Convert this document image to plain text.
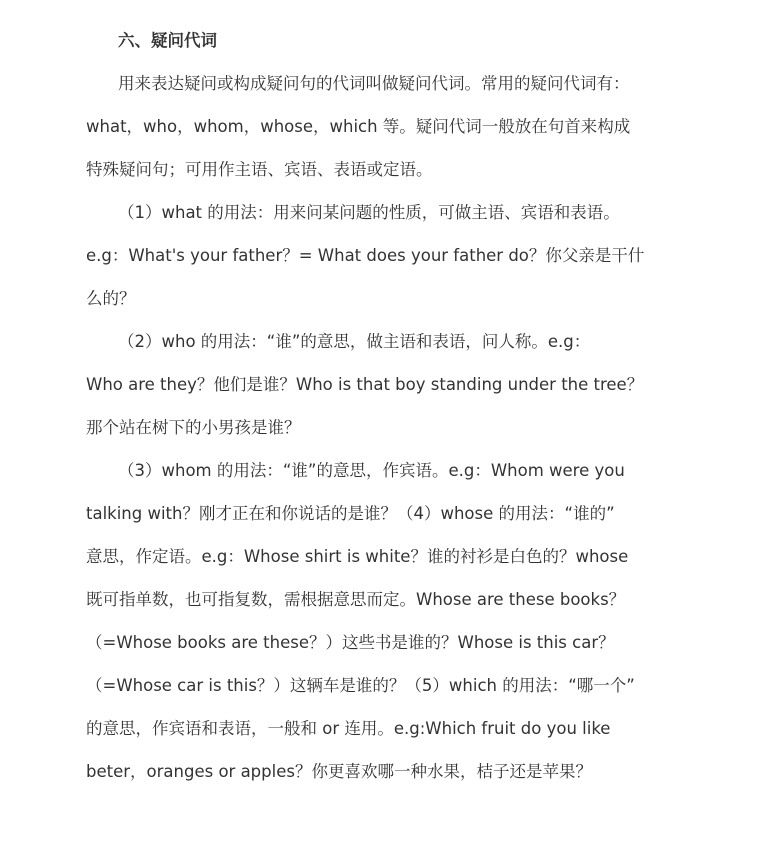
六、疑问代词
用来表达疑问或构成疑问句的代词叫做疑问代词。常用的疑问代词有：
what，who，whom，whose，which 等。疑问代词一般放在句首来构成
特殊疑问句；可用作主语、宾语、表语或定语。
（1）what 的用法：用来问某问题的性质，可做主语、宾语和表语。
e.g：What's your father？= What does your father do？你父亲是干什
么的？
（2）who 的用法：“谁”的意思，做主语和表语，问人称。e.g：
Who are they？他们是谁？Who is that boy standing under the tree？
那个站在树下的小男孩是谁？
（3）whom 的用法：“谁”的意思，作宾语。e.g：Whom were you
talking with？刚才正在和你说话的是谁？（4）whose 的用法：“谁的”
意思，作定语。e.g：Whose shirt is white？谁的衬衫是白色的？whose
既可指单数，也可指复数，需根据意思而定。Whose are these books？
（=Whose books are these？）这些书是谁的？Whose is this car？
（=Whose car is this？）这辆车是谁的？（5）which 的用法：“哪一个”
的意思，作宾语和表语，一般和 or 连用。e.g:Which fruit do you like
beter，oranges or apples？你更喜欢哪一种水果，桔子还是苹果？
